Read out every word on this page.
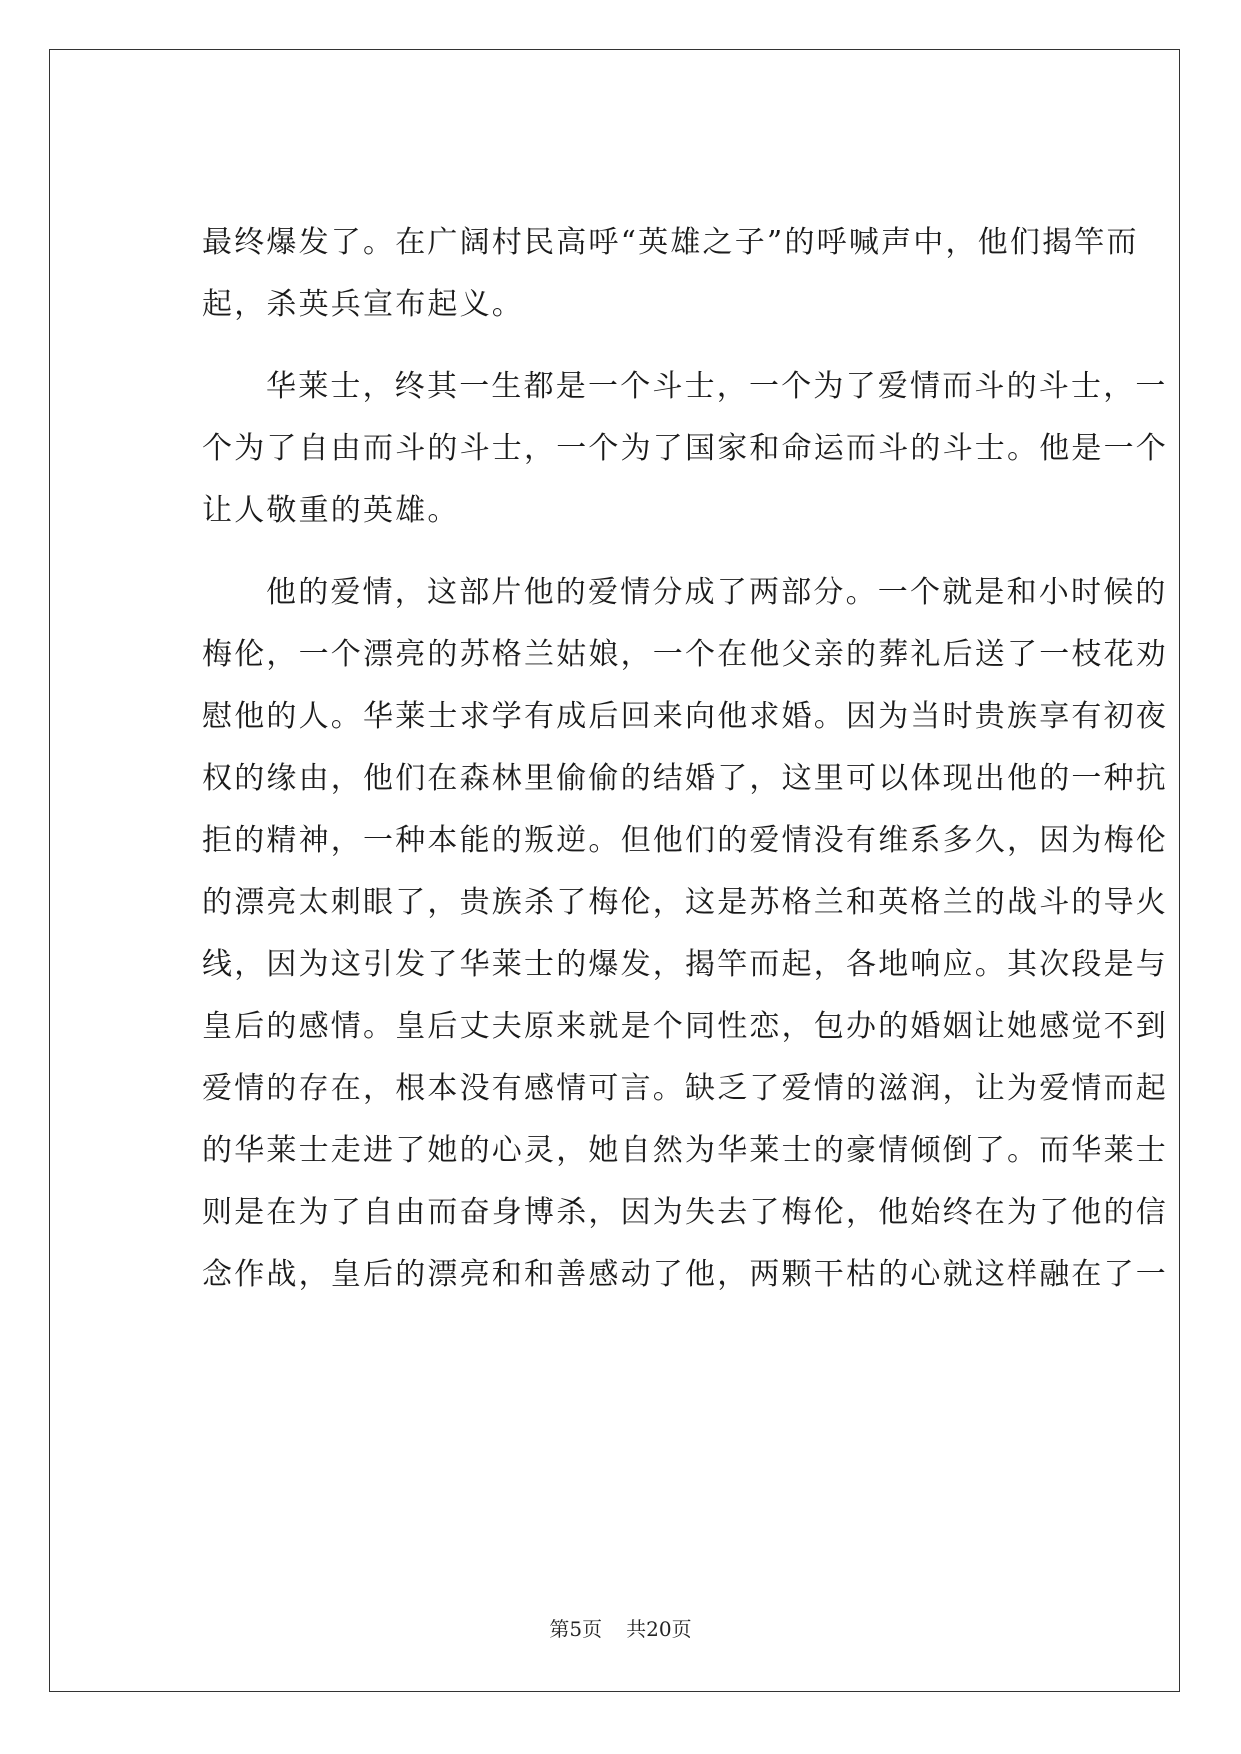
最终爆发了。在广阔村民高呼“英雄之子”的呼喊声中，他们揭竿而
起，杀英兵宣布起义。
华莱士，终其一生都是一个斗士，一个为了爱情而斗的斗士，一
个为了自由而斗的斗士，一个为了国家和命运而斗的斗士。他是一个
让人敬重的英雄。
他的爱情，这部片他的爱情分成了两部分。一个就是和小时候的
梅伦，一个漂亮的苏格兰姑娘，一个在他父亲的葬礼后送了一枝花劝
慰他的人。华莱士求学有成后回来向他求婚。因为当时贵族享有初夜
权的缘由，他们在森林里偷偷的结婚了，这里可以体现出他的一种抗
拒的精神，一种本能的叛逆。但他们的爱情没有维系多久，因为梅伦
的漂亮太刺眼了，贵族杀了梅伦，这是苏格兰和英格兰的战斗的导火
线，因为这引发了华莱士的爆发，揭竿而起，各地响应。其次段是与
皇后的感情。皇后丈夫原来就是个同性恋，包办的婚姻让她感觉不到
爱情的存在，根本没有感情可言。缺乏了爱情的滋润，让为爱情而起
的华莱士走进了她的心灵，她自然为华莱士的豪情倾倒了。而华莱士
则是在为了自由而奋身博杀，因为失去了梅伦，他始终在为了他的信
念作战，皇后的漂亮和和善感动了他，两颗干枯的心就这样融在了一
第5页 共20页
